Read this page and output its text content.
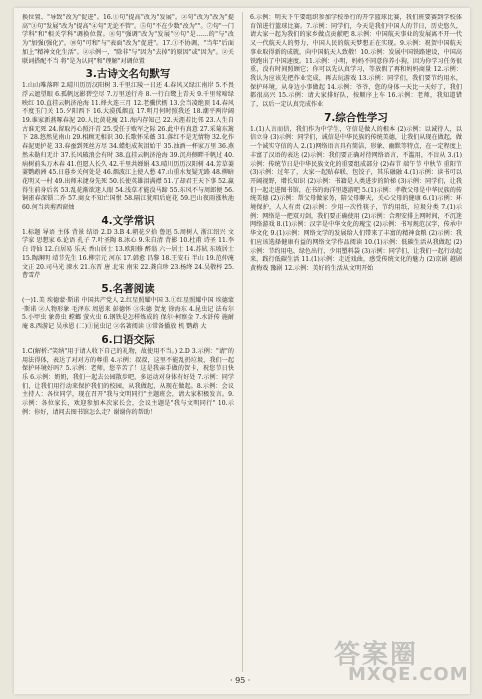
换位置、"导致"改为"促进"。16.①句"提高"改为"发展"。②句"改为"改为"提高"③句"发展"改为"提高"④句"无论不管"。⑤句"不在少数"改为""。⑦句"一门学科"和"相关学科"调换位置。⑧句"强调"改为"发展"⑨句"是……的"与"改为"加强(强化)"。⑩句"可和"与"表面"改为"促进"。17.①不协调，"当年"后面加上"精神文化生活"。②示例一，"除非"与"因为"去掉"的原因"或"因为"。②关联词搭配不当 将"是为认同"和"理解"对调位置

3.古诗文名句默写

1.山山唯落晖 2.晴川历历汉阳树 3.千里江陵一日还 4.春风又绿江南岸 5.不畏浮云遮望眼 6.孤帆远影碧空尽 7.万里送行舟 8.一行白鹭上青天 9.千里莺啼绿映红 10.直挂云帆济沧海 11.烽火连三月 12.老骥伏枥 13.会当凌绝顶 14.春风不度玉门关 15.夕阳西下 16.大漠孤烟直 17.明月何时照我还 18.潮平两岸阔 19.谁家新燕啄春泥 20.人比黄花瘦 21.海内存知己 22.天涯若比邻 23.人生自古谁无死 24.留取丹心照汗青 25.受任于败军之际 26.此中有真意 27.采菊东篱下 28.悠然见南山 29.相顾无相识 30.长歌怀采薇 31.落红不是无情物 32.化作春泥更护花 33.春蚕到死丝方尽 34.蜡炬成灰泪始干 35.浊酒一杯家万里 36.燕然未勒归无计 37.长风破浪会有时 38.直挂云帆济沧海 39.沉舟侧畔千帆过 40.病树前头万木春 41.但愿人长久 42.千里共婵娟 43.晴川历历汉阳树 44.芳草萋萋鹦鹉洲 45.日暮乡关何处是 46.烟波江上使人愁 47.山重水复疑无路 48.柳暗花明又一村 49.出师未捷身先死 50.长使英雄泪满襟 51.了却君王天下事 52.赢得生前身后名 53.乱花渐欲迷人眼 54.浅草才能没马蹄 55.东风不与周郎便 56.铜雀春深锁二乔 57.商女不知亡国恨 58.隔江犹唱后庭花 59.巴山夜雨涨秋池 60.何当共剪西窗烛

4.文学常识

1.标题 导语 主体 背景 结语 2.D 3.B 4.朝花夕拾 鲁迅 5.周树人 浙江绍兴 文学家 思想家 6.论语 孔子 7.叶圣陶 8.冰心 9.朱自清 背影 10.杜甫 诗圣 11.李白 诗仙 12.白居易 乐天 香山居士 13.欧阳修 醉翁 六一居士 14.苏轼 东坡居士 15.陶渊明 靖节先生 16.柳宗元 河东 17.韩愈 昌黎 18.王安石 半山 19.范仲淹 文正 20.司马光 涑水 21.东晋 唐 北宋 南宋 22.龚自珍 23.杨绛 24.吴敬梓 25.曹雪芹

5.名著阅读

(一)1.美 埃德蒙·斯诺 中国共产党人 2.红星照耀中国 3.①红星照耀中国 埃德蒙·斯诺 ②人物形象 毛泽东 周恩来 彭德怀 ③朱德 贺龙 徐海东 4.昆虫记 法布尔 5.小甲虫 象鼻虫 螳螂 萤火虫 6.钢铁是怎样炼成的 保尔·柯察金 7.水浒传 施耐庵 8.西游记 吴承恩 (二)①昆虫记 ②名著阅读 ③常备播放 机 鹦鹉 大

6.口语交际

1.C(解析:"笑纳"用于请人收下自己的礼物，故使用不当。) 2.D 3.示例："请"的用法得体，表达了对对方的尊重 4.示例：叔叔，这里不能乱扔垃圾，我们一起保护环境好吗？5.示例：老师，您辛苦了！这是我亲手做的贺卡，祝您节日快乐 6.示例：奶奶，我们一起去公园散步吧，多运动对身体有好处 7.示例：同学们，让我们用行动来保护我们的校园，从我做起，从现在做起。8.示例：会议主持人：各位同学，现在召开"我与文明同行"主题班会，请大家积极发言。9.示例：各位家长，欢迎参加本次家长会，会议主题是"我与文明同行" 10.示例：你好，请问去图书馆怎么走？谢谢你的帮助！

6.示例：明天下午要组织参加学校举行的开学篮球比赛，我们班要赛到学校体育馆进行篮球比赛。7.示例：同学们，今天是我们中国人的节日，历史悠久，请大家一起为我们的家乡做点贡献吧 8.示例：中国航天事业的发展离不开一代又一代航天人的努力，中国人民的航天梦想正在实现。9.示例：祝贺中国航天事业取得新的成就，向中国航天人致敬！10.示例：发展中国铁路建设，中国高铁跑出了中国速度。11.示例：小明，妈妈不同意你养小狗，因为你学习任务很重，没有时间照顾它；你可以先认真学习，等放假了再和妈妈商量 12.示例：我认为应该先把作业完成，再去玩游戏 13.示例：同学们，我们要节约用水，保护环境，从身边小事做起 14.示例：爷爷，您的身体一天比一天好了，我们都很高兴 15.示例：请大家排好队，按顺序上车 16.示例：老师，我知道错了，以后一定认真完成作业

7.综合性学习

1.(1)人言而信，我们作为中学生，守信是做人的根本 (2)示例：以诚待人，以信立身 (3)示例：同学们，诚信是中华民族的传统美德，让我们从现在做起，做一个诚实守信的人 2.(1)网络语言具有简洁、形象、幽默等特点，在一定程度上丰富了汉语的表达 (2)示例：我们要正确对待网络语言，不滥用，不盲从 3.(1)示例：传统节日是中华民族文化的重要组成部分 (2)春节 端午节 中秋节 重阳节 (3)示例：过年了，大家一起贴春联、包饺子，其乐融融 4.(1)示例：读书可以开阔视野，增长知识 (2)示例：书籍是人类进步的阶梯 (3)示例：同学们，让我们一起走进图书馆，在书的海洋里遨游吧 5.(1)示例：孝敬父母是中华民族的传统美德 (2)示例：帮父母做家务，陪父母聊天，关心父母的健康 6.(1)示例：环境保护，人人有责 (2)示例：少用一次性筷子，节约用纸，垃圾分类 7.(1)示例：网络是一把双刃剑，我们要正确使用 (2)示例：合理安排上网时间，不沉迷网络游戏 8.(1)示例：汉字是中华文化的瑰宝 (2)示例：书写规范汉字，传承中华文化 9.(1)示例：网络文学的发展给人们带来了丰富的精神食粮 (2)示例：我们应该选择健康有益的网络文学作品阅读 10.(1)示例：低碳生活从我做起 (2)示例：节约用电、绿色出行、少用塑料袋 (3)示例：同学们，让我们一起行动起来，践行低碳生活 11.(1)示例：走近戏曲，感受传统文化的魅力 (2)京剧 越剧 黄梅戏 豫剧 12.示例：美好的生活从文明开始

· 95 ·
答案圈
MXQE.COM
